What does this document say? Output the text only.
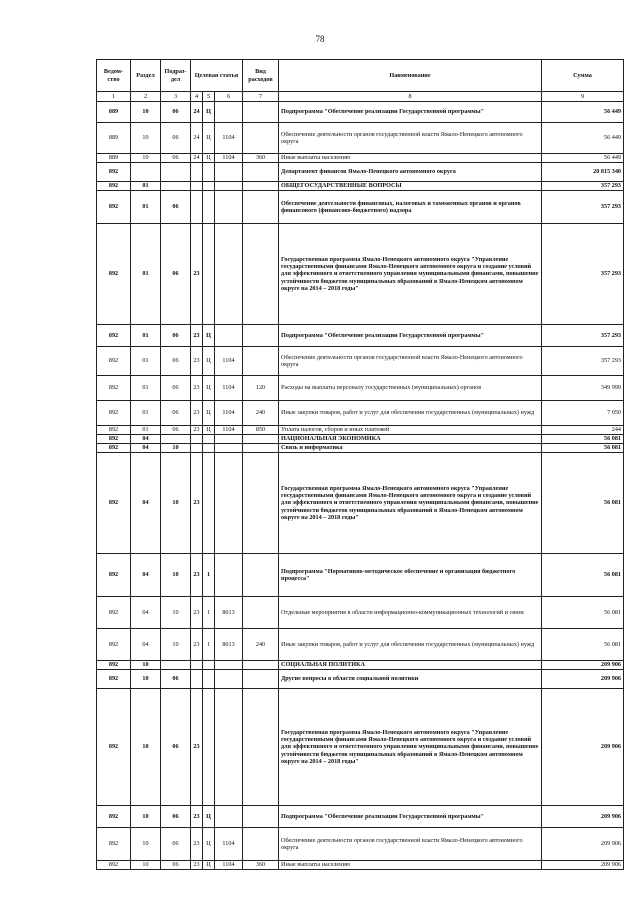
78
Ведом-ство	Раздел	Подраз-дел	Целевая статья			Вид расходов	Наименование	Сумма
1	2	3	4	5	6	7	8	9
889	10	06	24	Ц			Подпрограмма "Обеспечение реализации Государственной программы"	56 449
889	10	06	24	Ц	1104		Обеспечение деятельности органов государственной власти Ямало-Ненецкого автономного округа	56 449
889	10	06	24	Ц	1104	360	Иные выплаты населению	56 449
892							Департамент финансов Ямало-Ненецкого автономного округа	20 815 340
892	01						ОБЩЕГОСУДАРСТВЕННЫЕ ВОПРОСЫ	357 293
892	01	06					Обеспечение деятельности финансовых, налоговых и таможенных органов и органов финансового (финансово-бюджетного) надзора	357 293
892	01	06	23				Государственная программа Ямало-Ненецкого автономного округа "Управление государственными финансами Ямало-Ненецкого автономного округа и создание условий для эффективного и ответственного управления муниципальными финансами, повышение устойчивости бюджетов муниципальных образований в Ямало-Ненецком автономном округе на 2014 – 2018 годы"	357 293
892	01	06	23	Ц			Подпрограмма "Обеспечение реализации Государственной программы"	357 293
892	01	06	23	Ц	1104		Обеспечение деятельности органов государственной власти Ямало-Ненецкого автономного округа	357 293
892	01	06	23	Ц	1104	120	Расходы на выплаты персоналу государственных (муниципальных) органов	349 999
892	01	06	23	Ц	1104	240	Иные закупки товаров, работ и услуг для обеспечения государственных (муниципальных) нужд	7 050
892	01	06	23	Ц	1104	850	Уплата налогов, сборов и иных платежей	244
892	04						НАЦИОНАЛЬНАЯ ЭКОНОМИКА	56 081
892	04	10					Связь и информатика	56 081
892	04	10	23				Государственная программа Ямало-Ненецкого автономного округа "Управление государственными финансами Ямало-Ненецкого автономного округа и создание условий для эффективного и ответственного управления муниципальными финансами, повышение устойчивости бюджетов муниципальных образований в Ямало-Ненецком автономном округе на 2014 – 2018 годы"	56 081
892	04	10	23	1			Подпрограмма "Нормативно-методическое обеспечение и организация бюджетного процесса"	56 081
892	04	10	23	1	8013		Отдельные мероприятия в области информационно-коммуникационных технологий и связи	56 081
892	04	10	23	1	8013	240	Иные закупки товаров, работ и услуг для обеспечения государственных (муниципальных) нужд	56 081
892	10						СОЦИАЛЬНАЯ ПОЛИТИКА	209 906
892	10	06					Другие вопросы в области социальной политики	209 906
892	10	06	23				Государственная программа Ямало-Ненецкого автономного округа "Управление государственными финансами Ямало-Ненецкого автономного округа и создание условий для эффективного и ответственного управления муниципальными финансами, повышение устойчивости бюджетов муниципальных образований в Ямало-Ненецком автономном округе на 2014 – 2018 годы"	209 906
892	10	06	23	Ц			Подпрограмма "Обеспечение реализации Государственной программы"	209 906
892	10	06	23	Ц	1104		Обеспечение деятельности органов государственной власти Ямало-Ненецкого автономного округа	209 906
892	10	06	23	Ц	1104	360	Иные выплаты населению	209 906
